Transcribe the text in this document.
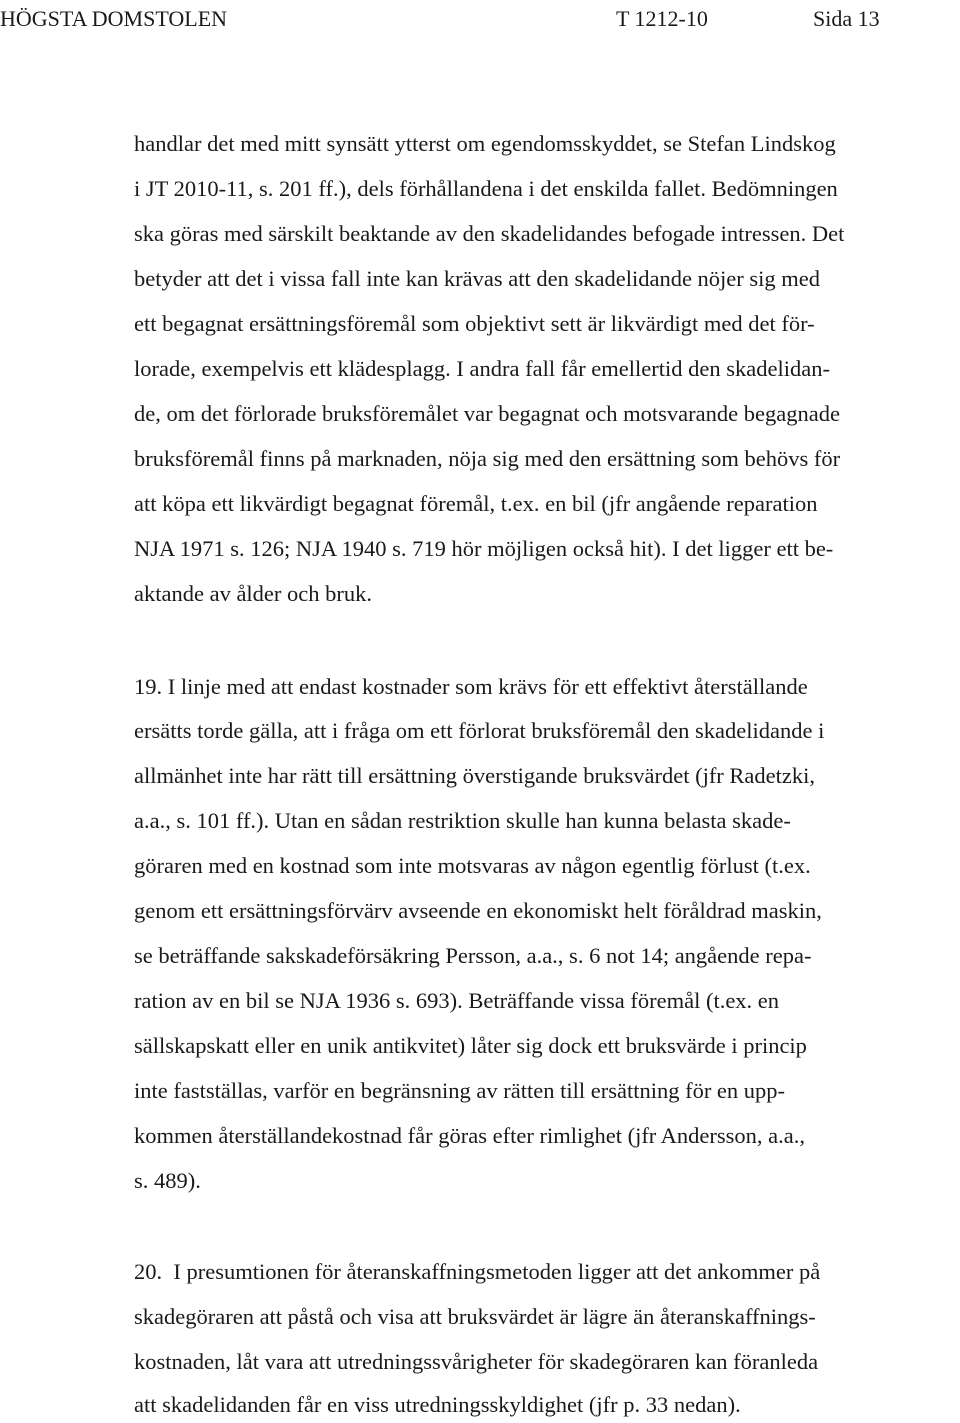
HÖGSTA DOMSTOLEN	T 1212-10	Sida 13
handlar det med mitt synsätt ytterst om egendomsskyddet, se Stefan Lindskog
i JT 2010-11, s. 201 ff.), dels förhållandena i det enskilda fallet. Bedömningen
ska göras med särskilt beaktande av den skadelidandes befogade intressen. Det
betyder att det i vissa fall inte kan krävas att den skadelidande nöjer sig med
ett begagnat ersättningsföremål som objektivt sett är likvärdigt med det för-
lorade, exempelvis ett klädesplagg. I andra fall får emellertid den skadelidan-
de, om det förlorade bruksföremålet var begagnat och motsvarande begagnade
bruksföremål finns på marknaden, nöja sig med den ersättning som behövs för
att köpa ett likvärdigt begagnat föremål, t.ex. en bil (jfr angående reparation
NJA 1971 s. 126; NJA 1940 s. 719 hör möjligen också hit). I det ligger ett be-
aktande av ålder och bruk.
19. I linje med att endast kostnader som krävs för ett effektivt återställande
ersätts torde gälla, att i fråga om ett förlorat bruksföremål den skadelidande i
allmänhet inte har rätt till ersättning överstigande bruksvärdet (jfr Radetzki,
a.a., s. 101 ff.). Utan en sådan restriktion skulle han kunna belasta skade-
göraren med en kostnad som inte motsvaras av någon egentlig förlust (t.ex.
genom ett ersättningsförvärv avseende en ekonomiskt helt föråldrad maskin,
se beträffande sakskadeförsäkring Persson, a.a., s. 6 not 14; angående repa-
ration av en bil se NJA 1936 s. 693). Beträffande vissa föremål (t.ex. en
sällskapskatt eller en unik antikvitet) låter sig dock ett bruksvärde i princip
inte fastställas, varför en begränsning av rätten till ersättning för en upp-
kommen återställandekostnad får göras efter rimlighet (jfr Andersson, a.a.,
s. 489).
20. I presumtionen för återanskaffningsmetoden ligger att det ankommer på
skadegöraren att påstå och visa att bruksvärdet är lägre än återanskaffnings-
kostnaden, låt vara att utredningssvårigheter för skadegöraren kan föranleda
att skadelidanden får en viss utredningsskyldighet (jfr p. 33 nedan).
